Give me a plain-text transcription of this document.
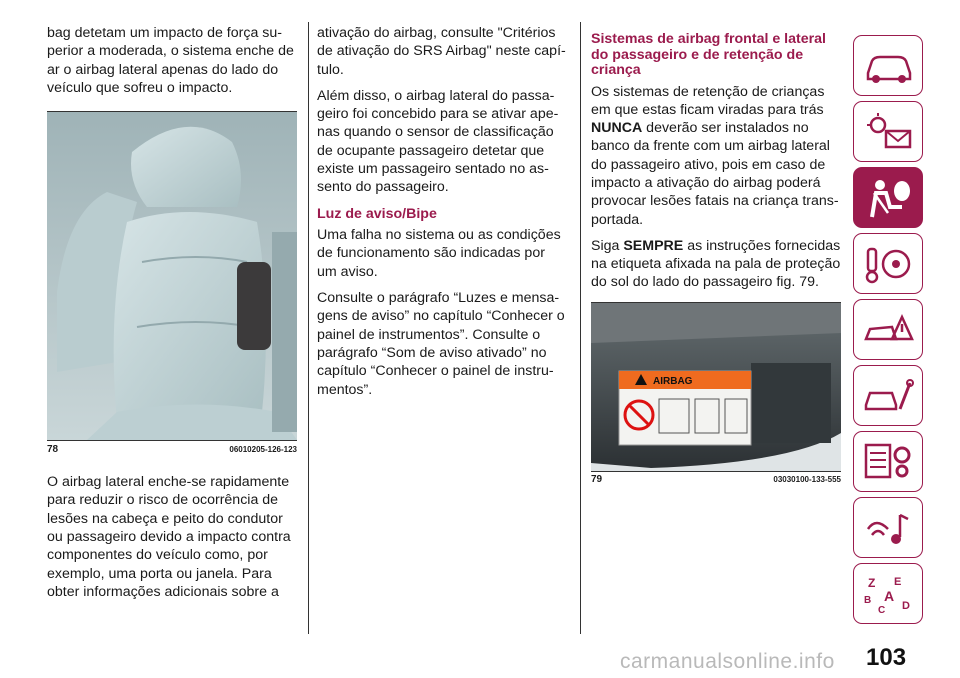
bag detetam um impacto de força su-perior a moderada, o sistema enche de ar o airbag lateral apenas do lado do veículo que sofreu o impacto.

78	06010205-126-123

O airbag lateral enche-se rapidamente para reduzir o risco de ocorrência de lesões na cabeça e peito do condutor ou passageiro devido a impacto contra componentes do veículo como, por exemplo, uma porta ou janela. Para obter informações adicionais sobre a

ativação do airbag, consulte "Critérios de ativação do SRS Airbag" neste capí-tulo.

Além disso, o airbag lateral do passa-geiro foi concebido para se ativar ape-nas quando o sensor de classificação de ocupante passageiro detetar que existe um passageiro sentado no as-sento do passageiro.

Luz de aviso/Bipe

Uma falha no sistema ou as condições de funcionamento são indicadas por um aviso.

Consulte o parágrafo “Luzes e mensa-gens de aviso” no capítulo “Conhecer o painel de instrumentos”. Consulte o parágrafo “Som de aviso ativado” no capítulo “Conhecer o painel de instru-mentos”.

Sistemas de airbag frontal e lateral do passageiro e de retenção de criança

Os sistemas de retenção de crianças em que estas ficam viradas para trás NUNCA deverão ser instalados no banco da frente com um airbag lateral do passageiro ativo, pois em caso de impacto a ativação do airbag poderá provocar lesões fatais na criança trans-portada.

Siga SEMPRE as instruções fornecidas na etiqueta afixada na pala de proteção do sol do lado do passageiro fig. 79.

AIRBAG
79	03030100-133-555
Z E
B A
C D
103
carmanualsonline.info
